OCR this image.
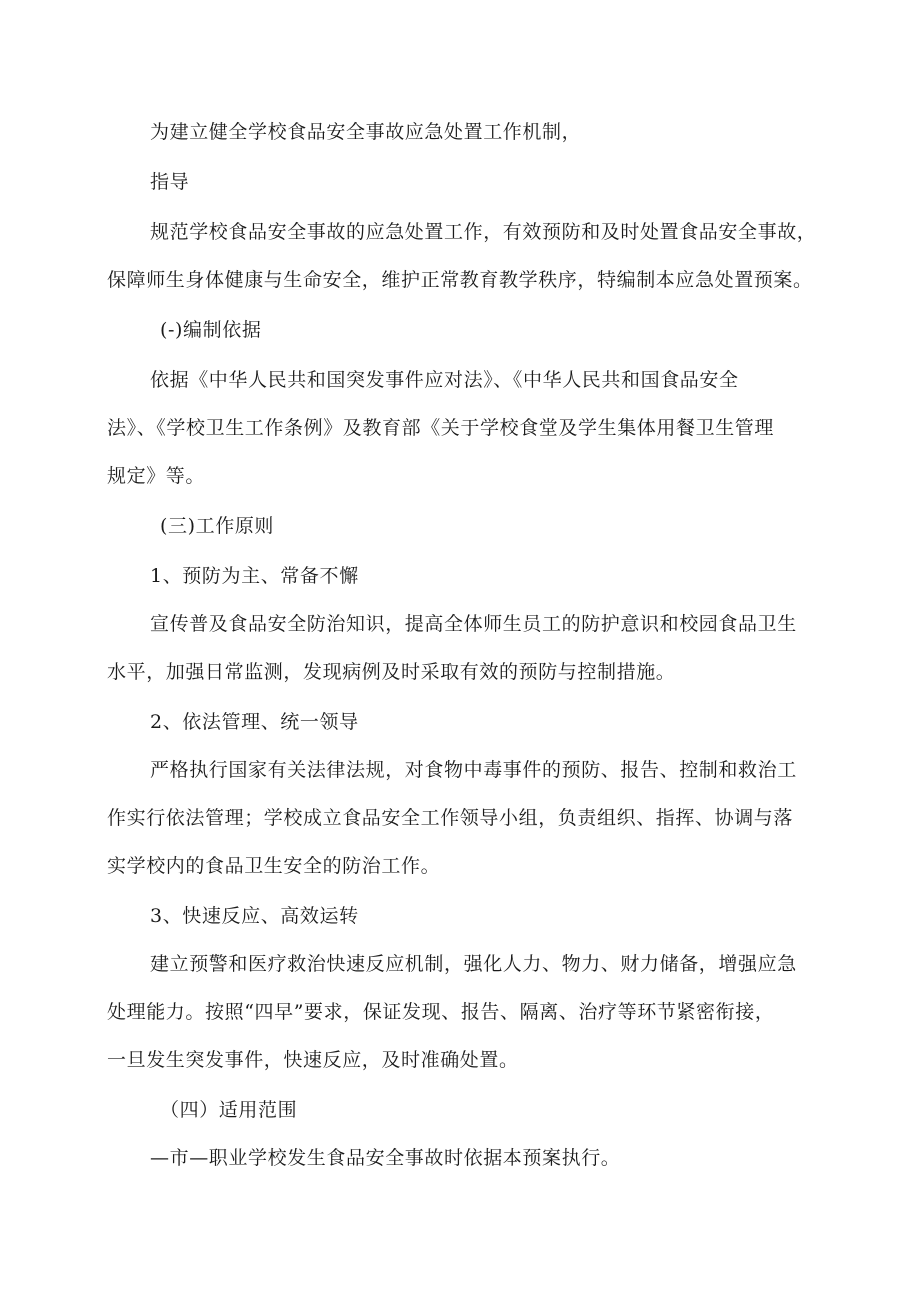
为建立健全学校食品安全事故应急处置工作机制，
指导
规范学校食品安全事故的应急处置工作，有效预防和及时处置食品安全事故，
保障师生身体健康与生命安全，维护正常教育教学秩序，特编制本应急处置预案。
(-)编制依据
依据《中华人民共和国突发事件应对法》、《中华人民共和国食品安全
法》、《学校卫生工作条例》及教育部《关于学校食堂及学生集体用餐卫生管理
规定》等。
(三)工作原则
1、预防为主、常备不懈
宣传普及食品安全防治知识，提高全体师生员工的防护意识和校园食品卫生
水平，加强日常监测，发现病例及时采取有效的预防与控制措施。
2、依法管理、统一领导
严格执行国家有关法律法规，对食物中毒事件的预防、报告、控制和救治工
作实行依法管理；学校成立食品安全工作领导小组，负责组织、指挥、协调与落
实学校内的食品卫生安全的防治工作。
3、快速反应、高效运转
建立预警和医疗救治快速反应机制，强化人力、物力、财力储备，增强应急
处理能力。按照“四早”要求，保证发现、报告、隔离、治疗等环节紧密衔接，
一旦发生突发事件，快速反应，及时准确处置。
（四）适用范围
—市—职业学校发生食品安全事故时依据本预案执行。
